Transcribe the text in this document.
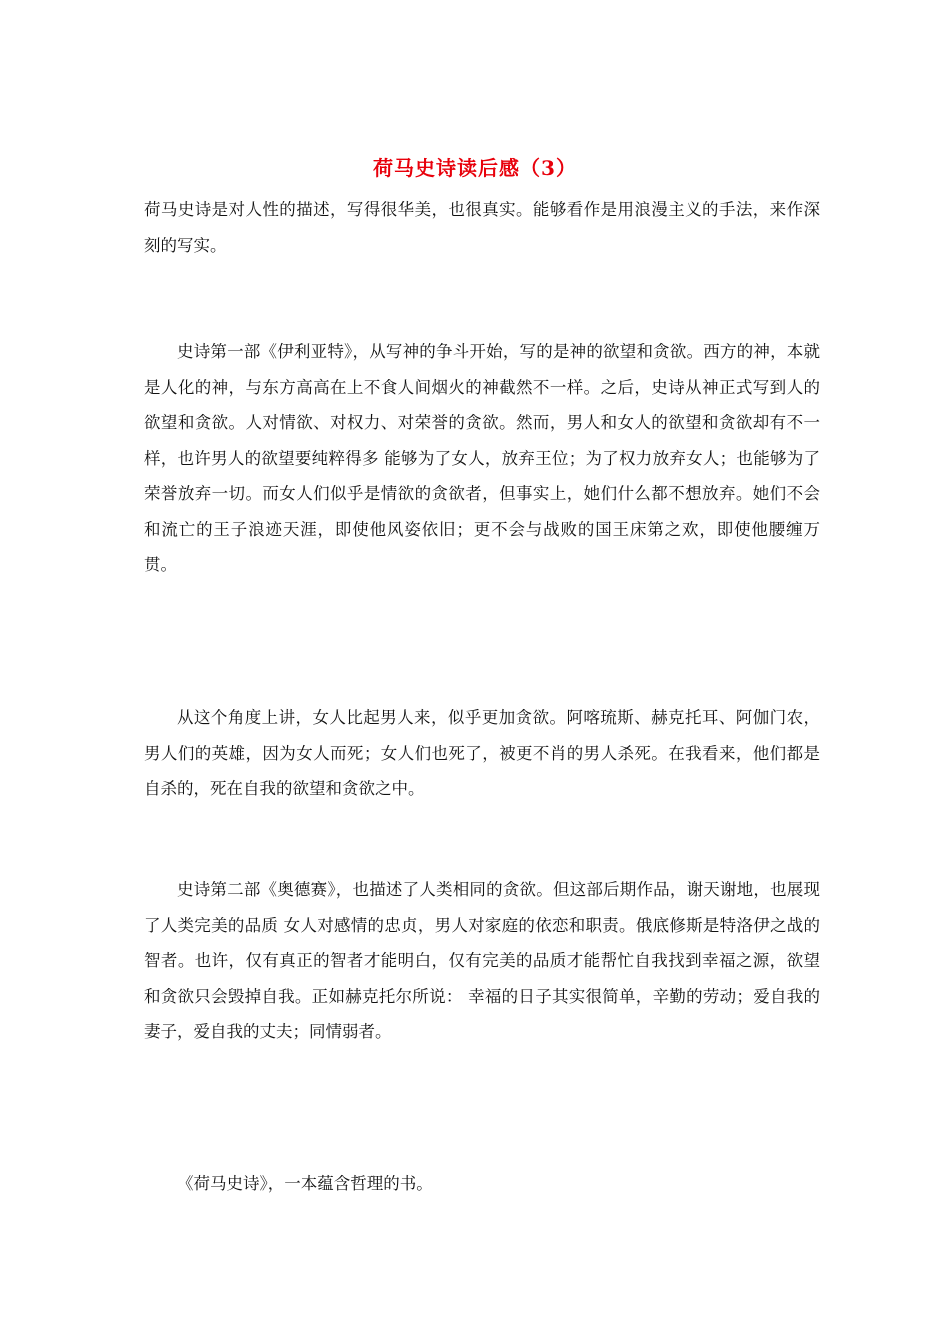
荷马史诗读后感（3）

荷马史诗是对人性的描述，写得很华美，也很真实。能够看作是用浪漫主义的手法，来作深刻的写实。

史诗第一部《伊利亚特》，从写神的争斗开始，写的是神的欲望和贪欲。西方的神，本就是人化的神，与东方高高在上不食人间烟火的神截然不一样。之后，史诗从神正式写到人的欲望和贪欲。人对情欲、对权力、对荣誉的贪欲。然而，男人和女人的欲望和贪欲却有不一样，也许男人的欲望要纯粹得多 能够为了女人，放弃王位；为了权力放弃女人；也能够为了荣誉放弃一切。而女人们似乎是情欲的贪欲者，但事实上，她们什么都不想放弃。她们不会和流亡的王子浪迹天涯，即使他风姿依旧；更不会与战败的国王床第之欢，即使他腰缠万贯。

从这个角度上讲，女人比起男人来，似乎更加贪欲。阿喀琉斯、赫克托耳、阿伽门农，男人们的英雄，因为女人而死；女人们也死了，被更不肖的男人杀死。在我看来，他们都是自杀的，死在自我的欲望和贪欲之中。

史诗第二部《奥德赛》，也描述了人类相同的贪欲。但这部后期作品，谢天谢地，也展现了人类完美的品质 女人对感情的忠贞，男人对家庭的依恋和职责。俄底修斯是特洛伊之战的智者。也许，仅有真正的智者才能明白，仅有完美的品质才能帮忙自我找到幸福之源，欲望和贪欲只会毁掉自我。正如赫克托尔所说： 幸福的日子其实很简单，辛勤的劳动；爱自我的妻子，爱自我的丈夫；同情弱者。

《荷马史诗》，一本蕴含哲理的书。
